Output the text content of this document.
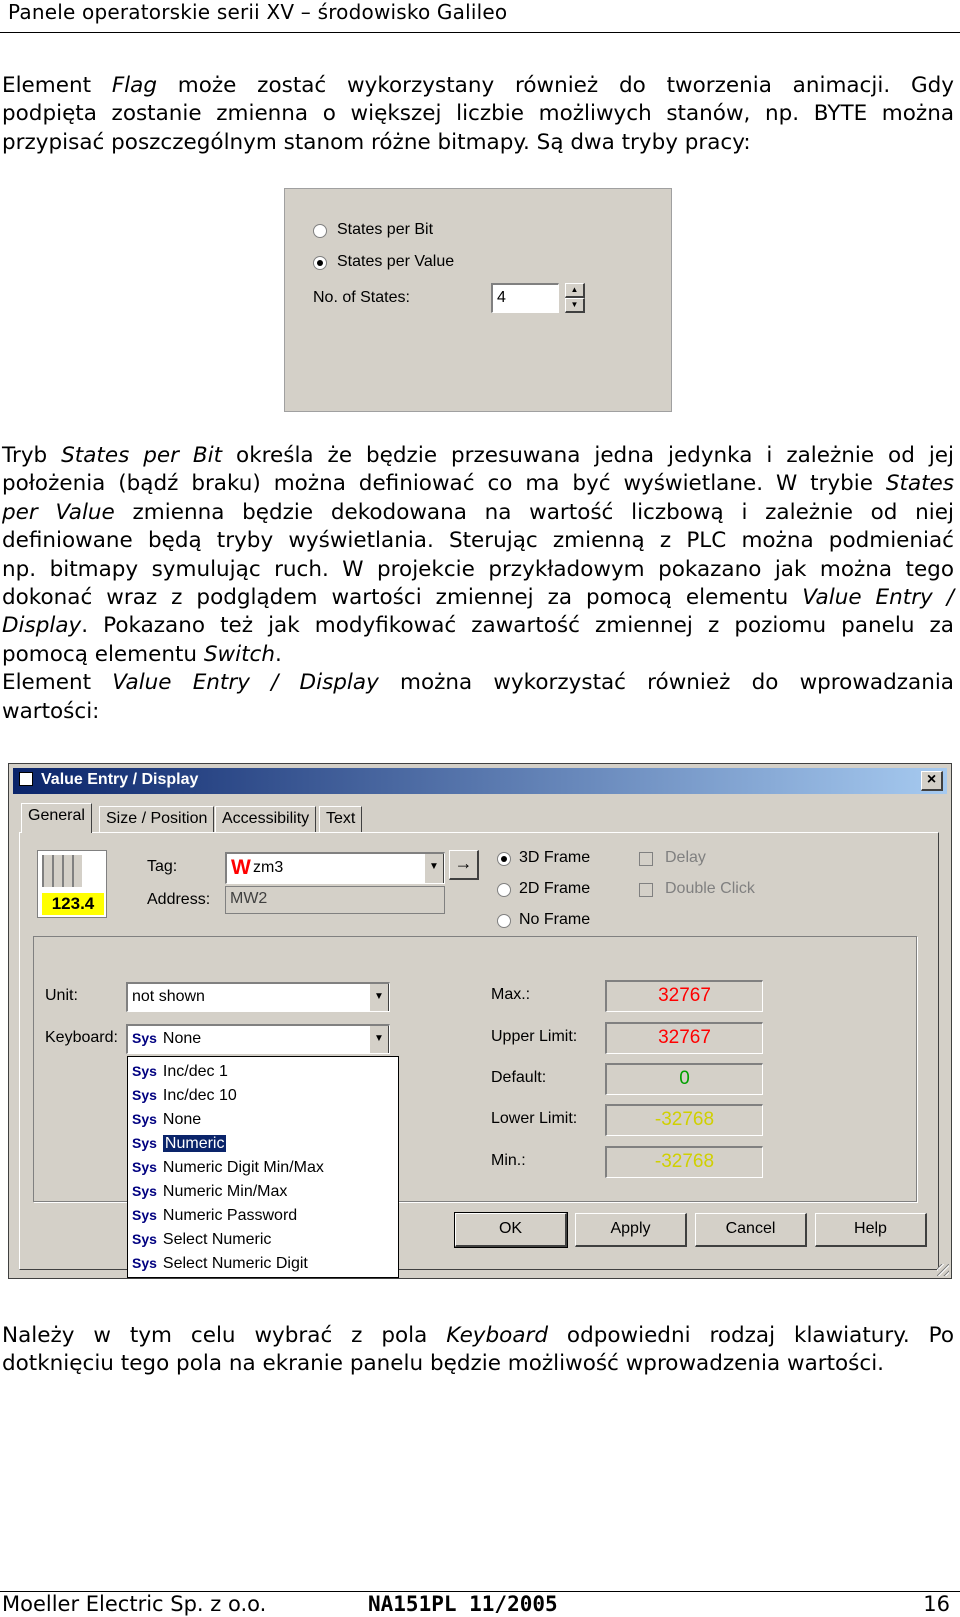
Panele operatorskie serii XV – środowisko Galileo
Element Flag może zostać wykorzystany również do tworzenia animacji. Gdy
podpięta zostanie zmienna o większej liczbie możliwych stanów, np. BYTE można
przypisać poszczególnym stanom różne bitmapy. Są dwa tryby pracy:
States per Bit
States per Value
No. of States:	4	▲
▼
Tryb States per Bit określa że będzie przesuwana jedna jedynka i zależnie od jej
położenia (bądź braku) można definiować co ma być wyświetlane. W trybie States
per Value zmienna będzie dekodowana na wartość liczbową i zależnie od niej
definiowane będą tryby wyświetlania. Sterując zmienną z PLC można podmieniać
np. bitmapy symulując ruch. W projekcie przykładowym pokazano jak można tego
dokonać wraz z podglądem wartości zmiennej za pomocą elementu Value Entry /
Display. Pokazano też jak modyfikować zawartość zmiennej z poziomu panelu za
pomocą elementu Switch.
Element Value Entry / Display można wykorzystać również do wprowadzania
wartości:
Value Entry / Display	×
General	Size / Position Accessibility	Text
123.4
Tag:	W zm3	▼ →
Address:	MW2
3D Frame
2D Frame
No Frame
Delay
Double Click
Unit:	not shown	▼
Keyboard: Sys None	▼
Max.:	32767
Upper Limit:	32767
Default:	0
Lower Limit:	-32768
Min.:	-32768
OK	Apply	Cancel	Help
Sys Inc/dec 1
Sys Inc/dec 10
Sys None
Sys Numeric
Sys Numeric Digit Min/Max
Sys Numeric Min/Max
Sys Numeric Password
Sys Select Numeric
Sys Select Numeric Digit
Należy w tym celu wybrać z pola Keyboard odpowiedni rodzaj klawiatury. Po
dotknięciu tego pola na ekranie panelu będzie możliwość wprowadzenia wartości.
Moeller Electric Sp. z o.o.	NA151PL 11/2005	16
